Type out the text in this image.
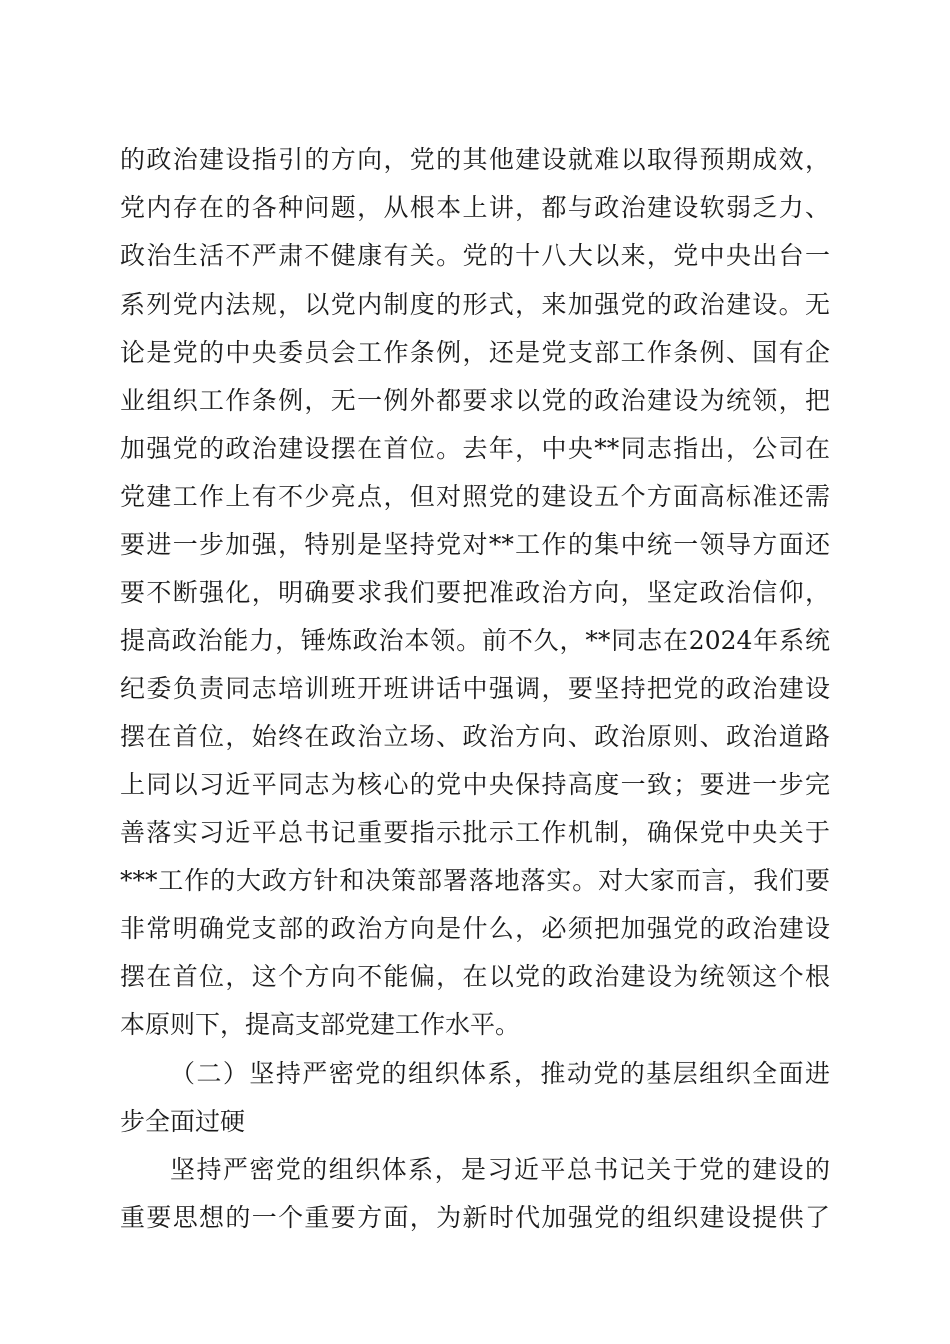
的政治建设指引的方向，党的其他建设就难以取得预期成效，
党内存在的各种问题，从根本上讲，都与政治建设软弱乏力、
政治生活不严肃不健康有关。党的十八大以来，党中央出台一
系列党内法规，以党内制度的形式，来加强党的政治建设。无
论是党的中央委员会工作条例，还是党支部工作条例、国有企
业组织工作条例，无一例外都要求以党的政治建设为统领，把
加强党的政治建设摆在首位。去年，中央**同志指出，公司在
党建工作上有不少亮点，但对照党的建设五个方面高标准还需
要进一步加强，特别是坚持党对**工作的集中统一领导方面还
要不断强化，明确要求我们要把准政治方向，坚定政治信仰，
提高政治能力，锤炼政治本领。前不久，**同志在2024年系统
纪委负责同志培训班开班讲话中强调，要坚持把党的政治建设
摆在首位，始终在政治立场、政治方向、政治原则、政治道路
上同以习近平同志为核心的党中央保持高度一致；要进一步完
善落实习近平总书记重要指示批示工作机制，确保党中央关于
***工作的大政方针和决策部署落地落实。对大家而言，我们要
非常明确党支部的政治方向是什么，必须把加强党的政治建设
摆在首位，这个方向不能偏，在以党的政治建设为统领这个根
本原则下，提高支部党建工作水平。
（二）坚持严密党的组织体系，推动党的基层组织全面进
步全面过硬
坚持严密党的组织体系，是习近平总书记关于党的建设的
重要思想的一个重要方面，为新时代加强党的组织建设提供了
